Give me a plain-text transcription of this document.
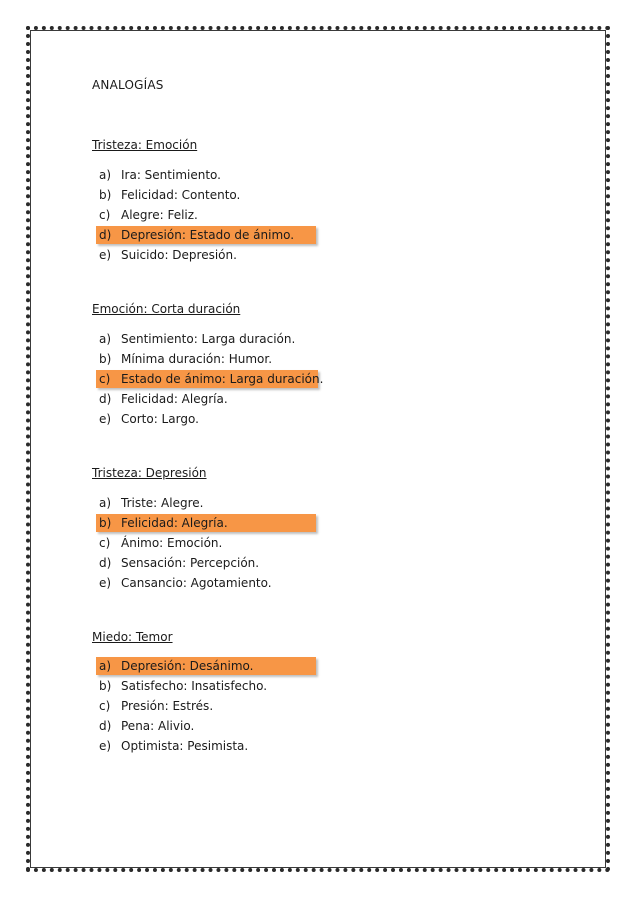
ANALOGÍAS
Tristeza: Emoción
a) Ira: Sentimiento.
b) Felicidad: Contento.
c) Alegre: Feliz.
d) Depresión: Estado de ánimo.
e) Suicido: Depresión.
Emoción: Corta duración
a) Sentimiento: Larga duración.
b) Mínima duración: Humor.
c) Estado de ánimo: Larga duración.
d) Felicidad: Alegría.
e) Corto: Largo.
Tristeza: Depresión
a) Triste: Alegre.
b) Felicidad: Alegría.
c) Ánimo: Emoción.
d) Sensación: Percepción.
e) Cansancio: Agotamiento.
Miedo: Temor
a) Depresión: Desánimo.
b) Satisfecho: Insatisfecho.
c) Presión: Estrés.
d) Pena: Alivio.
e) Optimista: Pesimista.
